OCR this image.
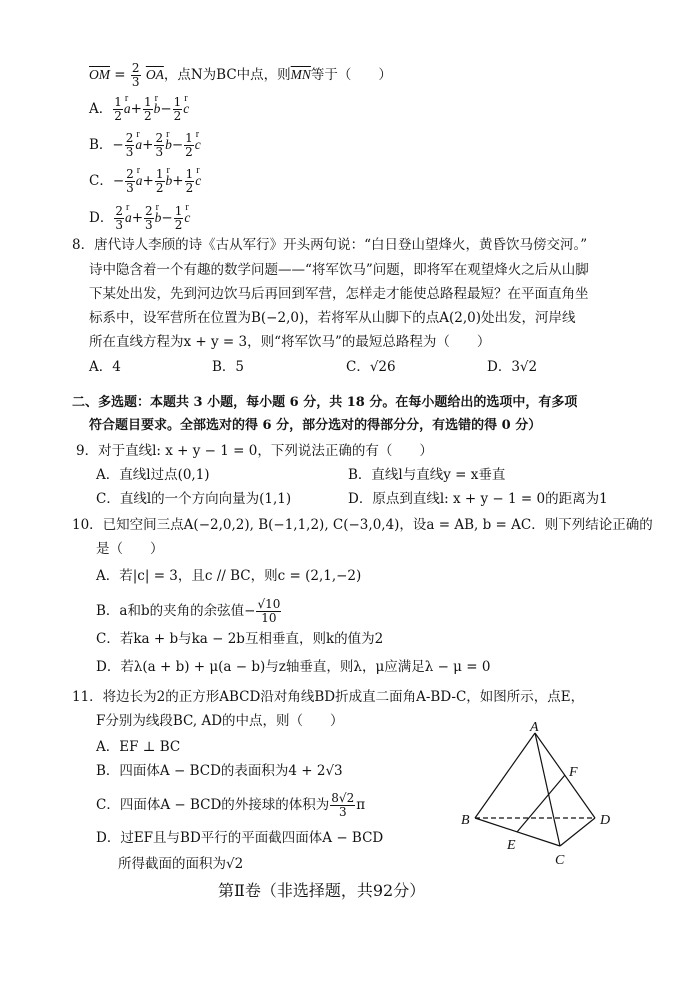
$\overline{OM} = \frac{2}{3} \overline{OA}$，点N为BC中点，则$\overline{MN}$等于（　　）
A． $\frac{1}{2}$ r
$a+ \frac{1}{2}$ r
$b- \frac{1}{2}$ r
c
B．− $\frac{2}{3}$ r
$a+ \frac{2}{3}$ r
$b- \frac{1}{2}$ r
c
C．− $\frac{2}{3}$ r
$a+ \frac{1}{2}$ r
$b+ \frac{1}{2}$ r
c
D． $\frac{2}{3}$ r
$a+ \frac{2}{3}$ r
$b- \frac{1}{2}$ r
c
8．唐代诗人李颀的诗《古从军行》开头两句说：“白日登山望烽火，黄昏饮马傍交河。”
诗中隐含着一个有趣的数学问题——“将军饮马”问题，即将军在观望烽火之后从山脚
下某处出发，先到河边饮马后再回到军营，怎样走才能使总路程最短？在平面直角坐
标系中，设军营所在位置为B(−2,0)，若将军从山脚下的点A(2,0)处出发，河岸线
所在直线方程为x + y = 3，则“将军饮马”的最短总路程为（　　）
A．4	B．5	C．√26	D．3√2
二、多选题：本题共 3 小题，每小题 6 分，共 18 分。在每小题给出的选项中，有多项
符合题目要求。全部选对的得 6 分，部分选对的得部分分，有选错的得 0 分）
9．对于直线l: x + y − 1 = 0，下列说法正确的有（　　）
A．直线l过点(0,1)	B．直线l与直线y = x垂直
C．直线l的一个方向向量为(1,1)	D．原点到直线l: x + y − 1 = 0的距离为1
10．已知空间三点A(−2,0,2), B(−1,1,2), C(−3,0,4)，设a = AB, b = AC．则下列结论正确的
是（　　）
A．若|c| = 3，且c // BC，则c = (2,1,−2)
B．a和b的夹角的余弦值− $\frac{√10}{10}$
C．若ka + b与ka − 2b互相垂直，则k的值为2
D．若λ(a + b) + μ(a − b)与z轴垂直，则λ，μ应满足λ − μ = 0
11．将边长为2的正方形ABCD沿对角线BD折成直二面角A-BD-C，如图所示，点E，
F分别为线段BC, AD的中点，则（　　）
A．EF ⊥ BC
B．四面体A − BCD的表面积为4 + 2√3
C．四面体A − BCD的外接球的体积为 $\frac{8√2}{3}$ π
D．过EF且与BD平行的平面截四面体A − BCD
所得截面的面积为√2
A
B
C
D
E
F
第Ⅱ卷（非选择题，共92分）
